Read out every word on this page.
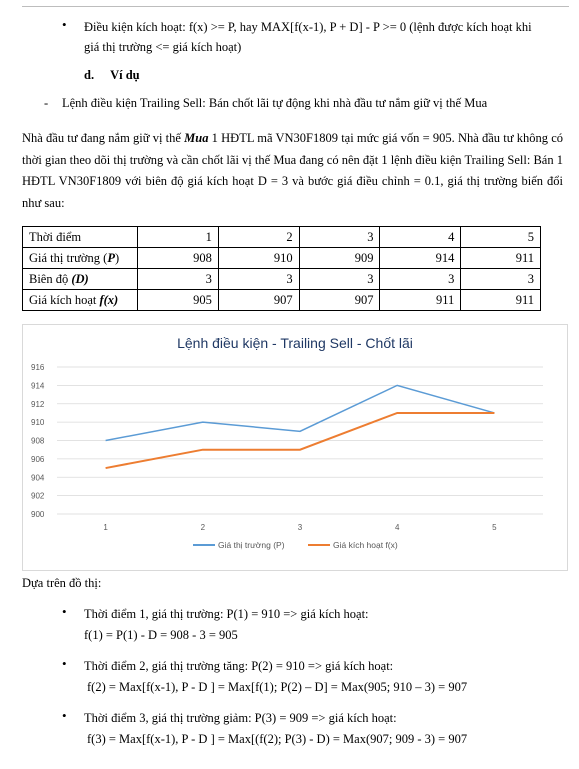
• Điều kiện kích hoạt: f(x) >= P, hay MAX[f(x-1), P + D] - P >= 0 (lệnh được kích hoạt khi
giá thị trường <= giá kích hoạt)
d. Ví dụ
- Lệnh điều kiện Trailing Sell: Bán chốt lãi tự động khi nhà đầu tư nắm giữ vị thế Mua

Nhà đầu tư đang nắm giữ vị thế Mua 1 HĐTL mã VN30F1809 tại mức giá vốn = 905. Nhà đầu tư không có thời gian theo dõi thị trường và cần chốt lãi vị thế Mua đang có nên đặt 1 lệnh điều kiện Trailing Sell: Bán 1 HĐTL VN30F1809 với biên độ giá kích hoạt D = 3 và bước giá điều chỉnh = 0.1, giá thị trường biến đổi như sau:

Thời điểm	1	2	3	4	5
Giá thị trường (P)	908	910	909	914	911
Biên độ (D)	3	3	3	3	3
Giá kích hoạt f(x)	905	907	907	911	911
Lệnh điều kiện - Trailing Sell - Chốt lãi
900
902
904
906
908
910
912
914
916
1	2	3	4	5
Giá thị trường (P)	Giá kích hoạt f(x)
Dựa trên đồ thị:
• Thời điểm 1, giá thị trường: P(1) = 910 => giá kích hoạt:
f(1) = P(1) - D = 908 - 3 = 905
• Thời điểm 2, giá thị trường tăng: P(2) = 910 => giá kích hoạt:
f(2) = Max[f(x-1), P - D ] = Max[f(1); P(2) – D] = Max(905; 910 – 3) = 907
• Thời điểm 3, giá thị trường giảm: P(3) = 909 => giá kích hoạt:
f(3) = Max[f(x-1), P - D ] = Max[(f(2); P(3) - D) = Max(907; 909 - 3) = 907
